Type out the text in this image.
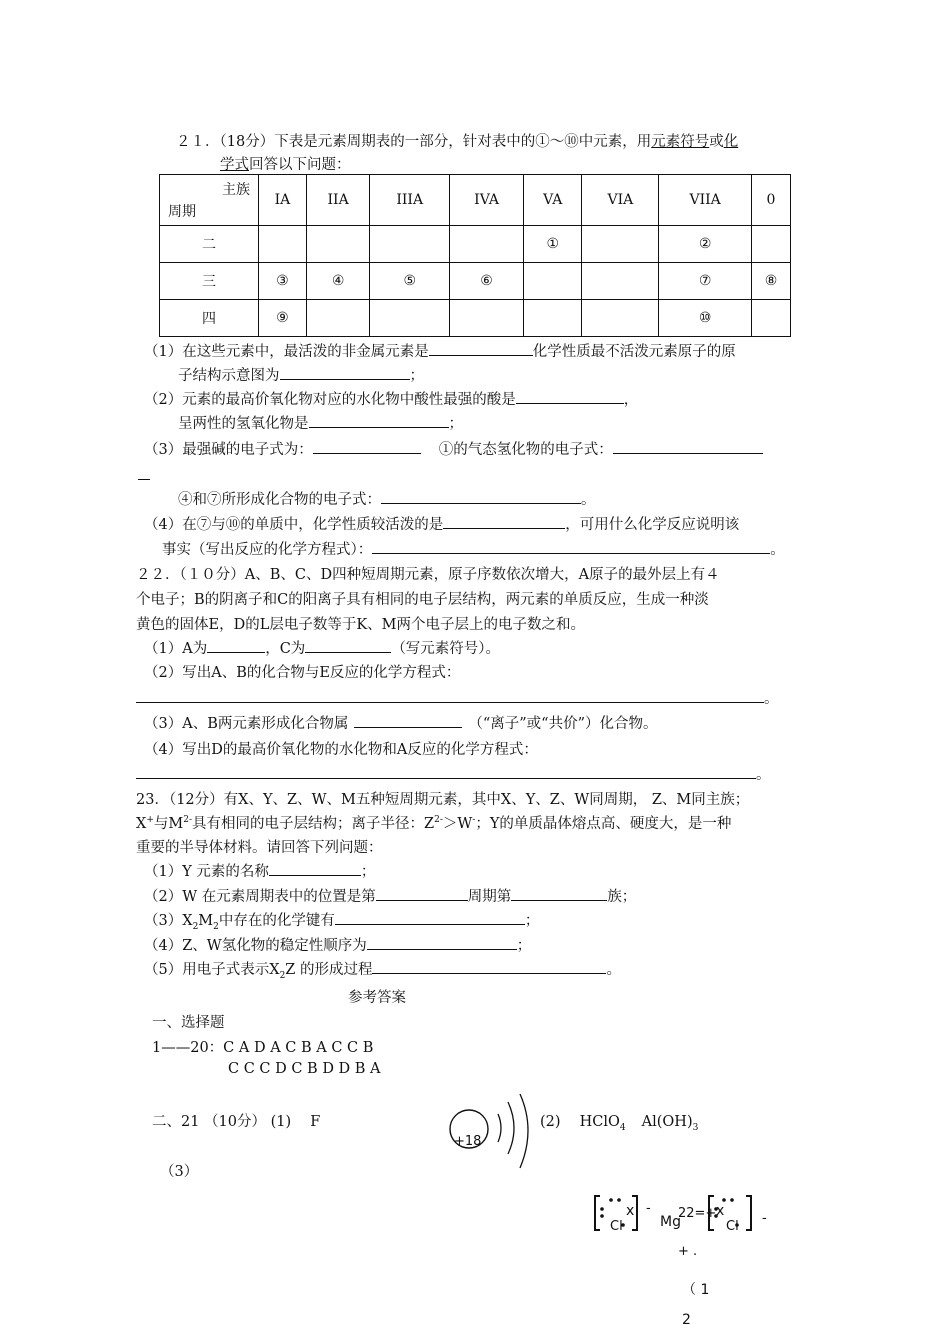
２１．（18分）下表是元素周期表的一部分，针对表中的①～⑩中元素，用元素符号或化
学式回答以下问题：
主族
周期	IA	IIA	IIIA	IVA	VA	VIA	VIIA	0
二					①		②	
三	③	④	⑤	⑥			⑦	⑧
四	⑨						⑩	
（1）在这些元素中，最活泼的非金属元素是	化学性质最不活泼元素原子的原
子结构示意图为	；
（2）元素的最高价氧化物对应的水化物中酸性最强的酸是	，
呈两性的氢氧化物是	；
（3）最强碱的电子式为：	①的气态氢化物的电子式：
④和⑦所形成化合物的电子式：	。
（4）在⑦与⑩的单质中，化学性质较活泼的是	，可用什么化学反应说明该
事实（写出反应的化学方程式）：	。
２２．（１０分）A、B、C、D四种短周期元素，原子序数依次增大，A原子的最外层上有４
个电子；B的阴离子和C的阳离子具有相同的电子层结构，两元素的单质反应，生成一种淡
黄色的固体E，D的L层电子数等于K、M两个电子层上的电子数之和。
（1）A为	，C为	（写元素符号）。
（2）写出A、B的化合物与E反应的化学方程式：
。
（3）A、B两元素形成化合物属	（“离子”或“共价”）化合物。
（4）写出D的最高价氧化物的水化物和A反应的化学方程式：
。
23．（12分）有X、Y、Z、W、M五种短周期元素，其中X、Y、Z、W同周期， Z、M同主族；
X+与$M^{2-}$具有相同的电子层结构；离子半径：$Z^{2-}>W^-$；Y的单质晶体熔点高、硬度大，是一种
重要的半导体材料。请回答下列问题：
（1）Y 元素的名称	；
（2）W 在元素周期表中的位置是第	周期第	族；
$(3)X_2M_2$中存在的化学键有	；
（4）Z、W氢化物的稳定性顺序为	；
（5）用电子式表示$X_2Z$ 的形成过程	。
参考答案
一、选择题
1——20：C A D A C B A C C B
C C C D C B D D B A
二、21 （10分） (1)　 F
+18
(2)　 HClO$_4$ $Al(OH)_3$
（3）
Cl
x -
Mg
22=+
Cl
x	-
+ .
（ 1
2
